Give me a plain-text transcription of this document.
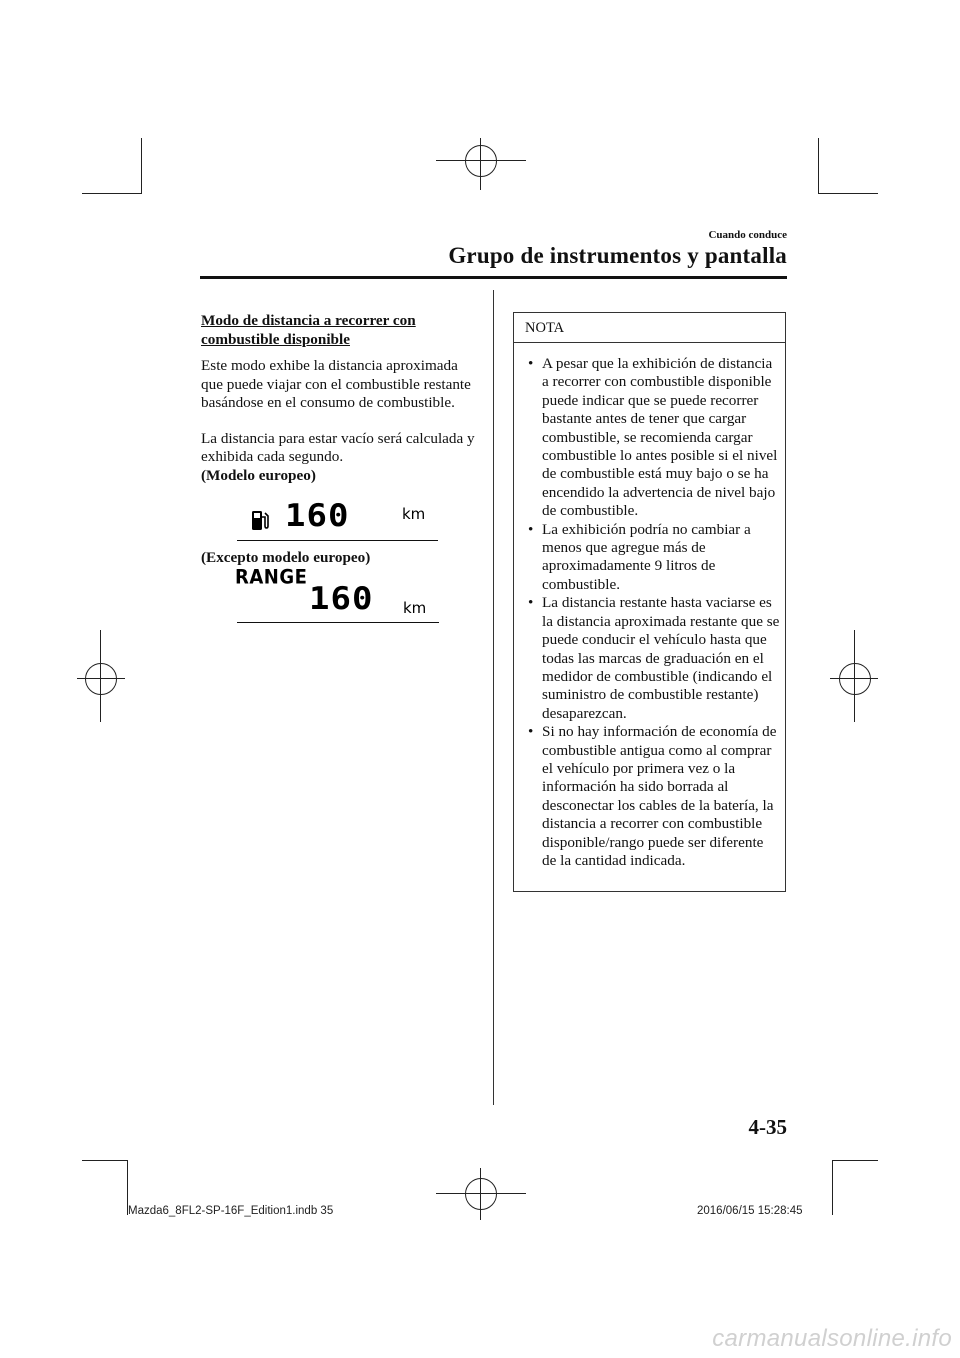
Cuando conduce
Grupo de instrumentos y pantalla

Modo de distancia a recorrer con
combustible disponible

Este modo exhibe la distancia aproximada que puede viajar con el combustible restante basándose en el consumo de combustible.

La distancia para estar vacío será calculada y exhibida cada segundo.

(Modelo europeo)

160	km
(Excepto modelo europeo)
RANGE
160 km
NOTA
• A pesar que la exhibición de distancia a recorrer con combustible disponible puede indicar que se puede recorrer bastante antes de tener que cargar combustible, se recomienda cargar combustible lo antes posible si el nivel de combustible está muy bajo o se ha encendido la advertencia de nivel bajo de combustible.
• La exhibición podría no cambiar a menos que agregue más de aproximadamente 9 litros de combustible.
• La distancia restante hasta vaciarse es la distancia aproximada restante que se puede conducir el vehículo hasta que todas las marcas de graduación en el medidor de combustible (indicando el suministro de combustible restante) desaparezcan.
• Si no hay información de economía de combustible antigua como al comprar el vehículo por primera vez o la información ha sido borrada al desconectar los cables de la batería, la distancia a recorrer con combustible disponible/rango puede ser diferente de la cantidad indicada.
4-35
Mazda6_8FL2-SP-16F_Edition1.indb 35	2016/06/15 15:28:45
carmanualsonline.info
